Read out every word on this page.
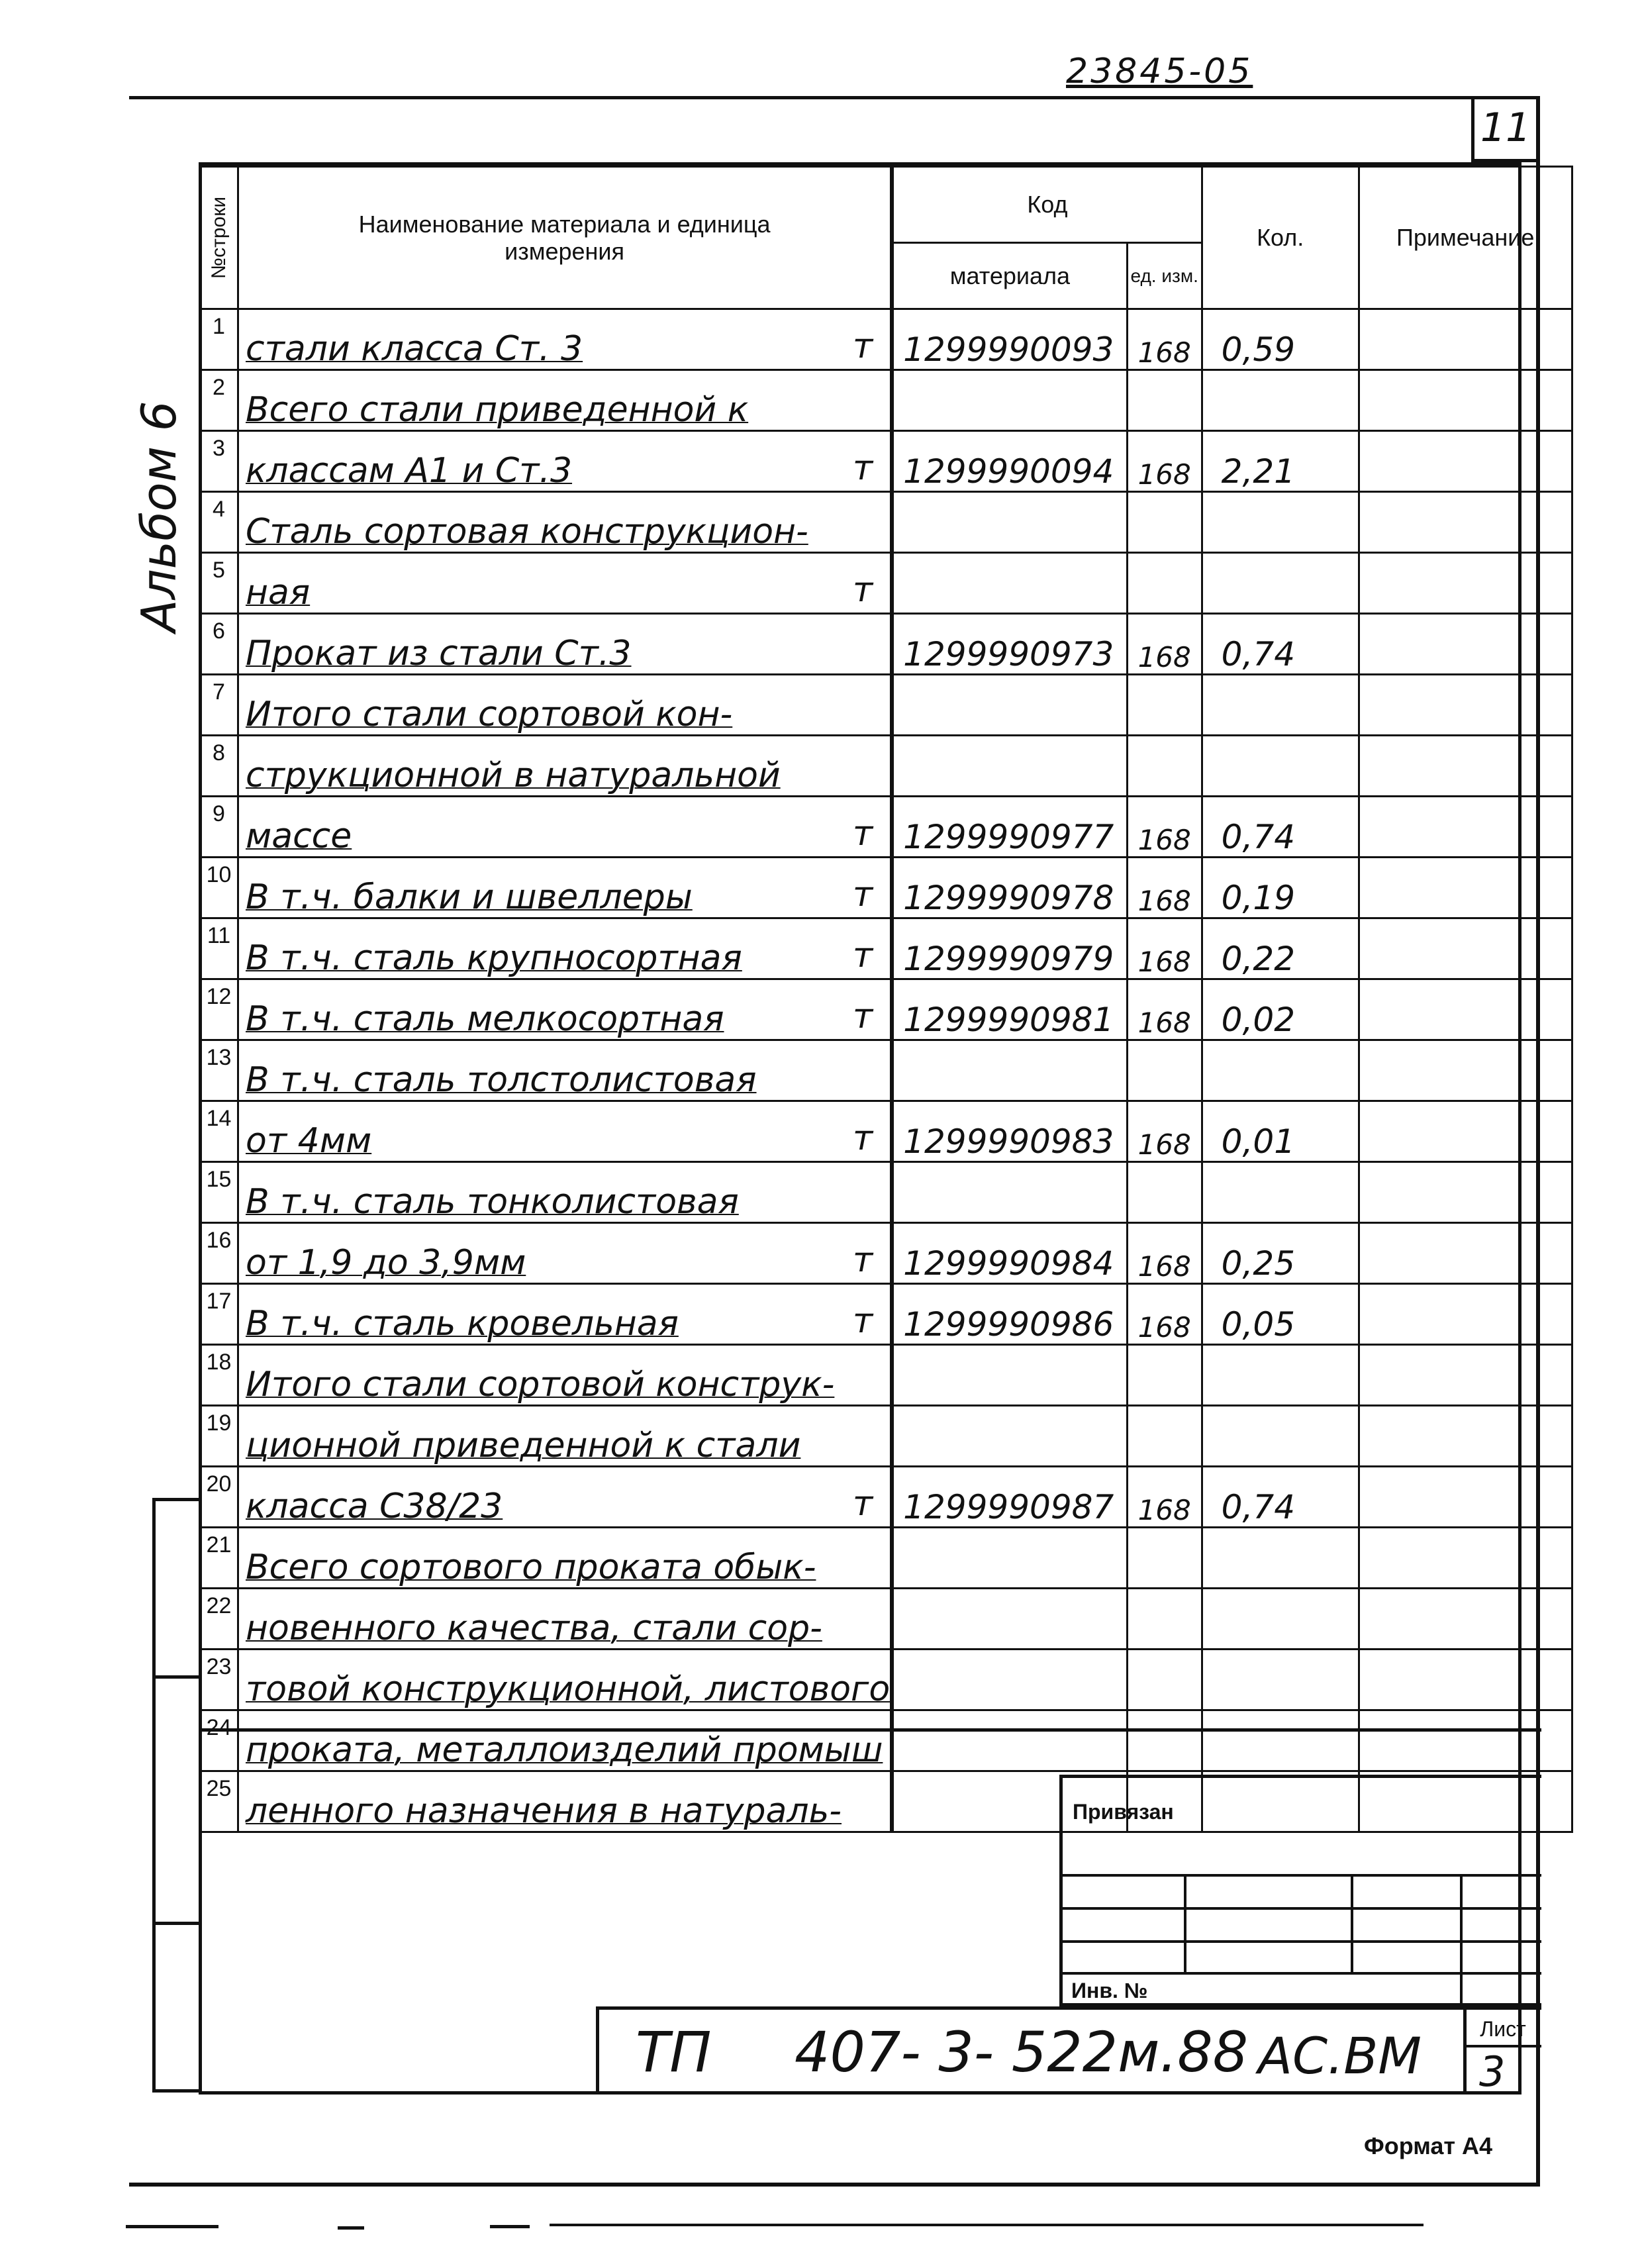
23845-05
11
Альбом 6
№строки	Наименование материала и единица измерения	Код		Кол.	Примечание
		материала	ед. изм.		
1	стали класса Ст. 3 т	1299990093	168	0,59	
2	Всего стали приведенной к

3	классам А1 и Ст.3 т	1299990094	168	2,21	
4	Сталь сортовая конструкцион-

5	ная т				

6	Прокат из стали Ст.3	1299990973	168	0,74	
7	Итого стали сортовой кон-

8	струкционной в натуральной

9	массе т	1299990977	168	0,74	
10	В т.ч. балки и швеллеры т	1299990978	168	0,19	
11	В т.ч. сталь крупносортная т	1299990979	168	0,22	
12	В т.ч. сталь мелкосортная т	1299990981	168	0,02	
13	В т.ч. сталь толстолистовая

14	от 4мм т	1299990983	168	0,01	
15	В т.ч. сталь тонколистовая

16	от 1,9 до 3,9мм т	1299990984	168	0,25	
17	В т.ч. сталь кровельная т	1299990986	168	0,05	
18	Итого стали сортовой конструк-

19	ционной приведенной к стали

20	класса С38/23 т	1299990987	168	0,74	
21	Всего сортового проката обык-

22	новенного качества, стали сор-

23	товой конструкционной, листового

24	проката, металлоизделий промыш

25	ленного назначения в натураль-
					Привязан
Инв. №
ТП 407- 3- 522м.88 АС.ВМ	Лист
3
Формат А4
